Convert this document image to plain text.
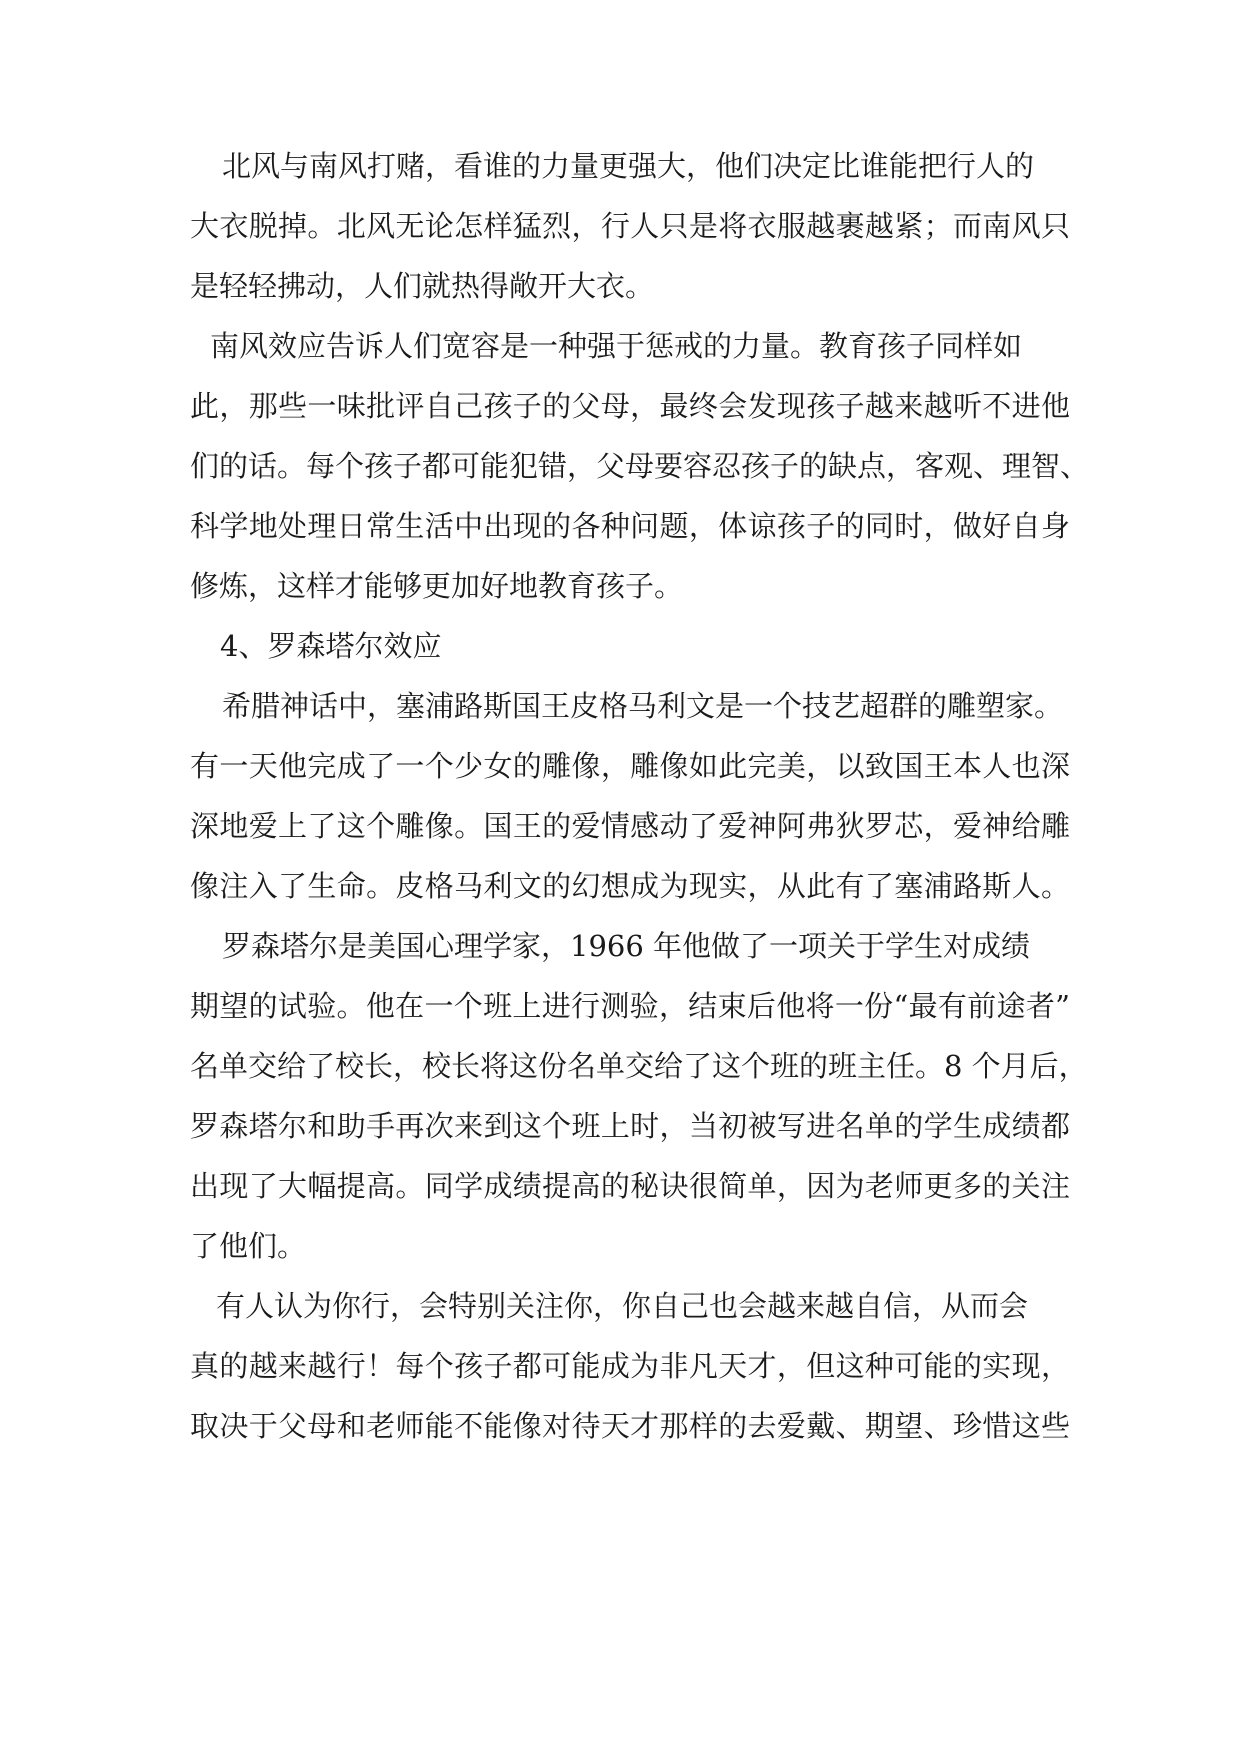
北风与南风打赌，看谁的力量更强大，他们决定比谁能把行人的
大衣脱掉。北风无论怎样猛烈，行人只是将衣服越裹越紧；而南风只
是轻轻拂动，人们就热得敞开大衣。
南风效应告诉人们宽容是一种强于惩戒的力量。教育孩子同样如
此，那些一味批评自己孩子的父母，最终会发现孩子越来越听不进他
们的话。每个孩子都可能犯错，父母要容忍孩子的缺点，客观、理智、
科学地处理日常生活中出现的各种问题，体谅孩子的同时，做好自身
修炼，这样才能够更加好地教育孩子。
4、罗森塔尔效应
希腊神话中，塞浦路斯国王皮格马利文是一个技艺超群的雕塑家。
有一天他完成了一个少女的雕像，雕像如此完美，以致国王本人也深
深地爱上了这个雕像。国王的爱情感动了爱神阿弗狄罗芯，爱神给雕
像注入了生命。皮格马利文的幻想成为现实，从此有了塞浦路斯人。
罗森塔尔是美国心理学家，1966 年他做了一项关于学生对成绩
期望的试验。他在一个班上进行测验，结束后他将一份“最有前途者”
名单交给了校长，校长将这份名单交给了这个班的班主任。8 个月后，
罗森塔尔和助手再次来到这个班上时，当初被写进名单的学生成绩都
出现了大幅提高。同学成绩提高的秘诀很简单，因为老师更多的关注
了他们。
有人认为你行，会特别关注你，你自己也会越来越自信，从而会
真的越来越行！每个孩子都可能成为非凡天才，但这种可能的实现，
取决于父母和老师能不能像对待天才那样的去爱戴、期望、珍惜这些
